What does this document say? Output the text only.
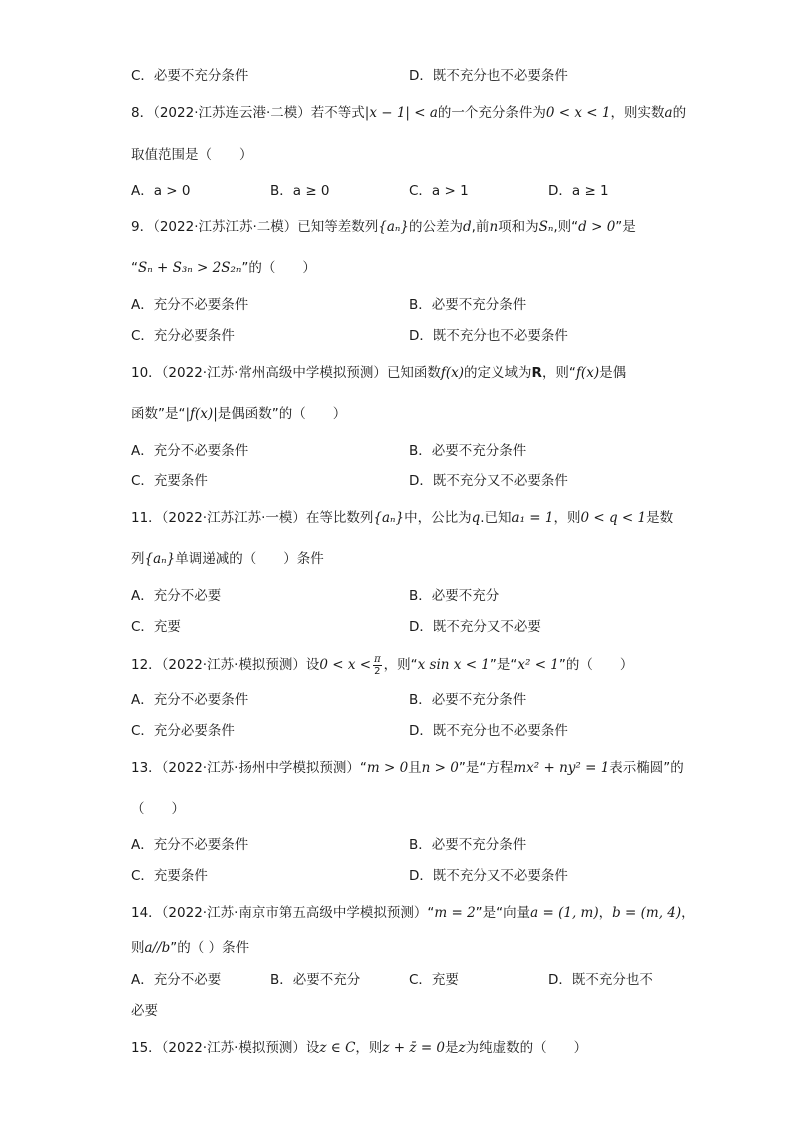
C．必要不充分条件	D．既不充分也不必要条件
8．（2022·江苏连云港·二模）若不等式|x − 1| < a的一个充分条件为0 < x < 1，则实数a的
取值范围是（　　）
A．a > 0	B．a ≥ 0	C．a > 1	D．a ≥ 1
9．（2022·江苏江苏·二模）已知等差数列{aₙ}的公差为d,前n项和为Sₙ,则“d > 0”是
“Sₙ + S₃ₙ > 2S₂ₙ”的（　　）
A．充分不必要条件	B．必要不充分条件
C．充分必要条件	D．既不充分也不必要条件
10．（2022·江苏·常州高级中学模拟预测）已知函数f(x)的定义域为R，则“f(x)是偶
函数”是“|f(x)|是偶函数”的（　　）
A．充分不必要条件	B．必要不充分条件
C．充要条件	D．既不充分又不必要条件
11．（2022·江苏江苏·一模）在等比数列{aₙ}中，公比为q.已知a₁ = 1，则0 < q < 1是数
列{aₙ}单调递减的（　　）条件
A．充分不必要	B．必要不充分
C．充要	D．既不充分又不必要
12．（2022·江苏·模拟预测）设$0 < x < \frac{\pi}{2}$ ，则“x sin x < 1”是“x² < 1”的（　　）
A．充分不必要条件	B．必要不充分条件
C．充分必要条件	D．既不充分也不必要条件
13．（2022·江苏·扬州中学模拟预测）“m > 0且n > 0”是“方程mx² + ny² = 1表示椭圆”的
（　　）
A．充分不必要条件	B．必要不充分条件
C．充要条件	D．既不充分又不必要条件
14．（2022·江苏·南京市第五高级中学模拟预测）“m = 2”是“向量a = (1, m)，b = (m, 4)，
则a//b”的（ ）条件
A．充分不必要	B．必要不充分	C．充要	D．既不充分也不
必要
15．（2022·江苏·模拟预测）设z ∈ C，则z + z̄ = 0是z为纯虚数的（　　）
